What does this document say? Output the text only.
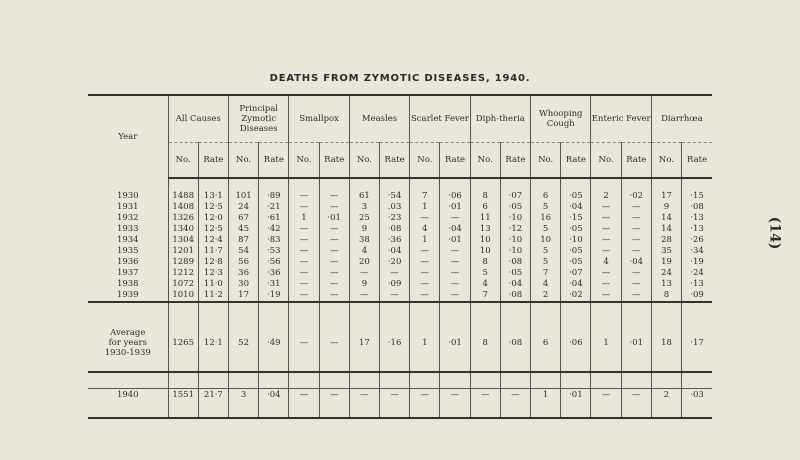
DEATHS FROM ZYMOTIC DISEASES, 1940.
(14)
Year	All Causes		Principal Zymotic Diseases		Smallpox		Measles		Scarlet Fever		Diph-theria		Whooping Cough		Enteric Fever		Diarrhœa	
	No.	Rate	No.	Rate	No.	Rate	No.	Rate	No.	Rate	No.	Rate	No.	Rate	No.	Rate	No.	Rate
1930	1488	13·1	101	·89	—	—	61	·54	7	·06	8	·07	6	·05	2	·02	17	·15
1931	1408	12·5	24	·21	—	—	3	.03	1	·01	6	·05	5	·04	—	—	9	·08
1932	1326	12·0	67	·61	1	·01	25	·23	—	—	11	·10	16	·15	—	—	14	·13
1933	1340	12·5	45	·42	—	—	9	·08	4	·04	13	·12	5	·05	—	—	14	·13
1934	1304	12·4	87	·83	—	—	38	·36	1	·01	10	·10	10	·10	—	—	28	·26
1935	1201	11·7	54	·53	—	—	4	·04	—	—	10	·10	5	·05	—	—	35	·34
1936	1289	12·8	56	·56	—	—	20	·20	—	—	8	·08	5	·05	4	·04	19	·19
1937	1212	12·3	36	·36	—	—	—	—	—	—	5	·05	7	·07	—	—	24	·24
1938	1072	11·0	30	·31	—	—	9	·09	—	—	4	·04	4	·04	—	—	13	·13
1939	1010	11·2	17	·19	—	—	—	—	—	—	7	·08	2	·02	—	—	8	·09
Average
for years
1930-1939	1265	12·1	52	·49	—	—	17	·16	1	·01	8	·08	6	·06	1	·01	18	·17
1940	1551	21·7	3	·04	—	—	—	—	—	—	—	—	1	·01	—	—	2	·03
